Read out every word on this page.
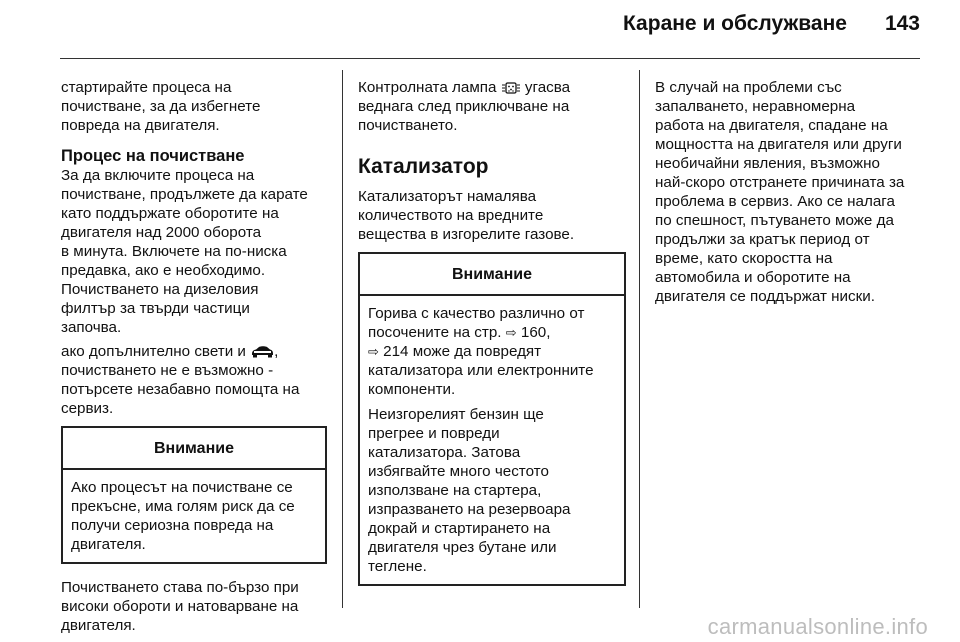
Каране и обслужване 143
стартирайте процеса на
почистване, за да избегнете
повреда на двигателя.
Процес на почистване
За да включите процеса на
почистване, продължете да карате
като поддържате оборотите на
двигателя над 2000 оборота
в минута. Включете на по-ниска
предавка, ако е необходимо.
Почистването на дизеловия
филтър за твърди частици
започва.
ако допълнително свети и ,
почистването не е възможно -
потърсете незабавно помощта на
сервиз.
Внимание
Ако процесът на почистване се
прекъсне, има голям риск да се
получи сериозна повреда на
двигателя.
Почистването става по-бързо при
високи обороти и натоварване на
двигателя.
Контролната лампа угасва
веднага след приключване на
почистването.
Катализатор
Катализаторът намалява
количеството на вредните
вещества в изгорелите газове.
Внимание
Горива с качество различно от
посочените на стр. ⇨ 160,
⇨ 214 може да повредят
катализатора или електронните
компоненти.
Неизгорелият бензин ще
прегрее и повреди
катализатора. Затова
избягвайте много честото
използване на стартера,
изпразването на резервоара
докрай и стартирането на
двигателя чрез бутане или
теглене.
В случай на проблеми със
запалването, неравномерна
работа на двигателя, спадане на
мощността на двигателя или други
необичайни явления, възможно
най-скоро отстранете причината за
проблема в сервиз. Ако се налага
по спешност, пътуването може да
продължи за кратък период от
време, като скоростта на
автомобила и оборотите на
двигателя се поддържат ниски.
carmanualsonline.info
